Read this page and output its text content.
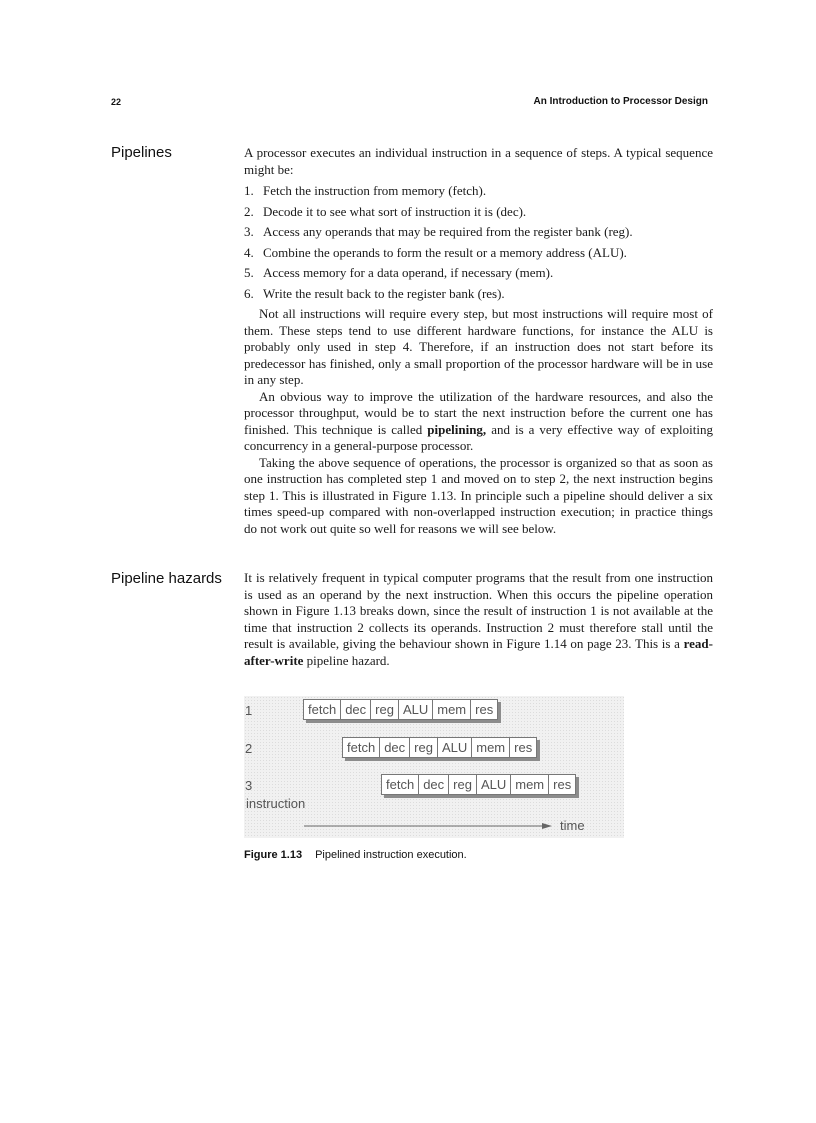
22	An Introduction to Processor Design
Pipelines	A processor executes an individual instruction in a sequence of steps. A typical sequence might be:

1. Fetch the instruction from memory (fetch).
2. Decode it to see what sort of instruction it is (dec).
3. Access any operands that may be required from the register bank (reg).
4. Combine the operands to form the result or a memory address (ALU).
5. Access memory for a data operand, if necessary (mem).
6. Write the result back to the register bank (res).

Not all instructions will require every step, but most instructions will require most of them. These steps tend to use different hardware functions, for instance the ALU is probably only used in step 4. Therefore, if an instruction does not start before its predecessor has finished, only a small proportion of the processor hardware will be in use in any step.

An obvious way to improve the utilization of the hardware resources, and also the processor throughput, would be to start the next instruction before the current one has finished. This technique is called pipelining, and is a very effective way of exploiting concurrency in a general-purpose processor.

Taking the above sequence of operations, the processor is organized so that as soon as one instruction has completed step 1 and moved on to step 2, the next instruction begins step 1. This is illustrated in Figure 1.13. In principle such a pipeline should deliver a six times speed-up compared with non-overlapped instruction execution; in practice things do not work out quite so well for reasons we will see below.

Pipeline hazards It is relatively frequent in typical computer programs that the result from one instruction is used as an operand by the next instruction. When this occurs the pipeline operation shown in Figure 1.13 breaks down, since the result of instruction 1 is not available at the time that instruction 2 collects its operands. Instruction 2 must therefore stall until the result is available, giving the behaviour shown in Figure 1.14 on page 23. This is a read-after-write pipeline hazard.

1	fetch dec reg ALU mem res
2	fetch dec reg ALU mem res
3	fetch dec reg ALU mem res
instruction
time
Figure 1.13 Pipelined instruction execution.
